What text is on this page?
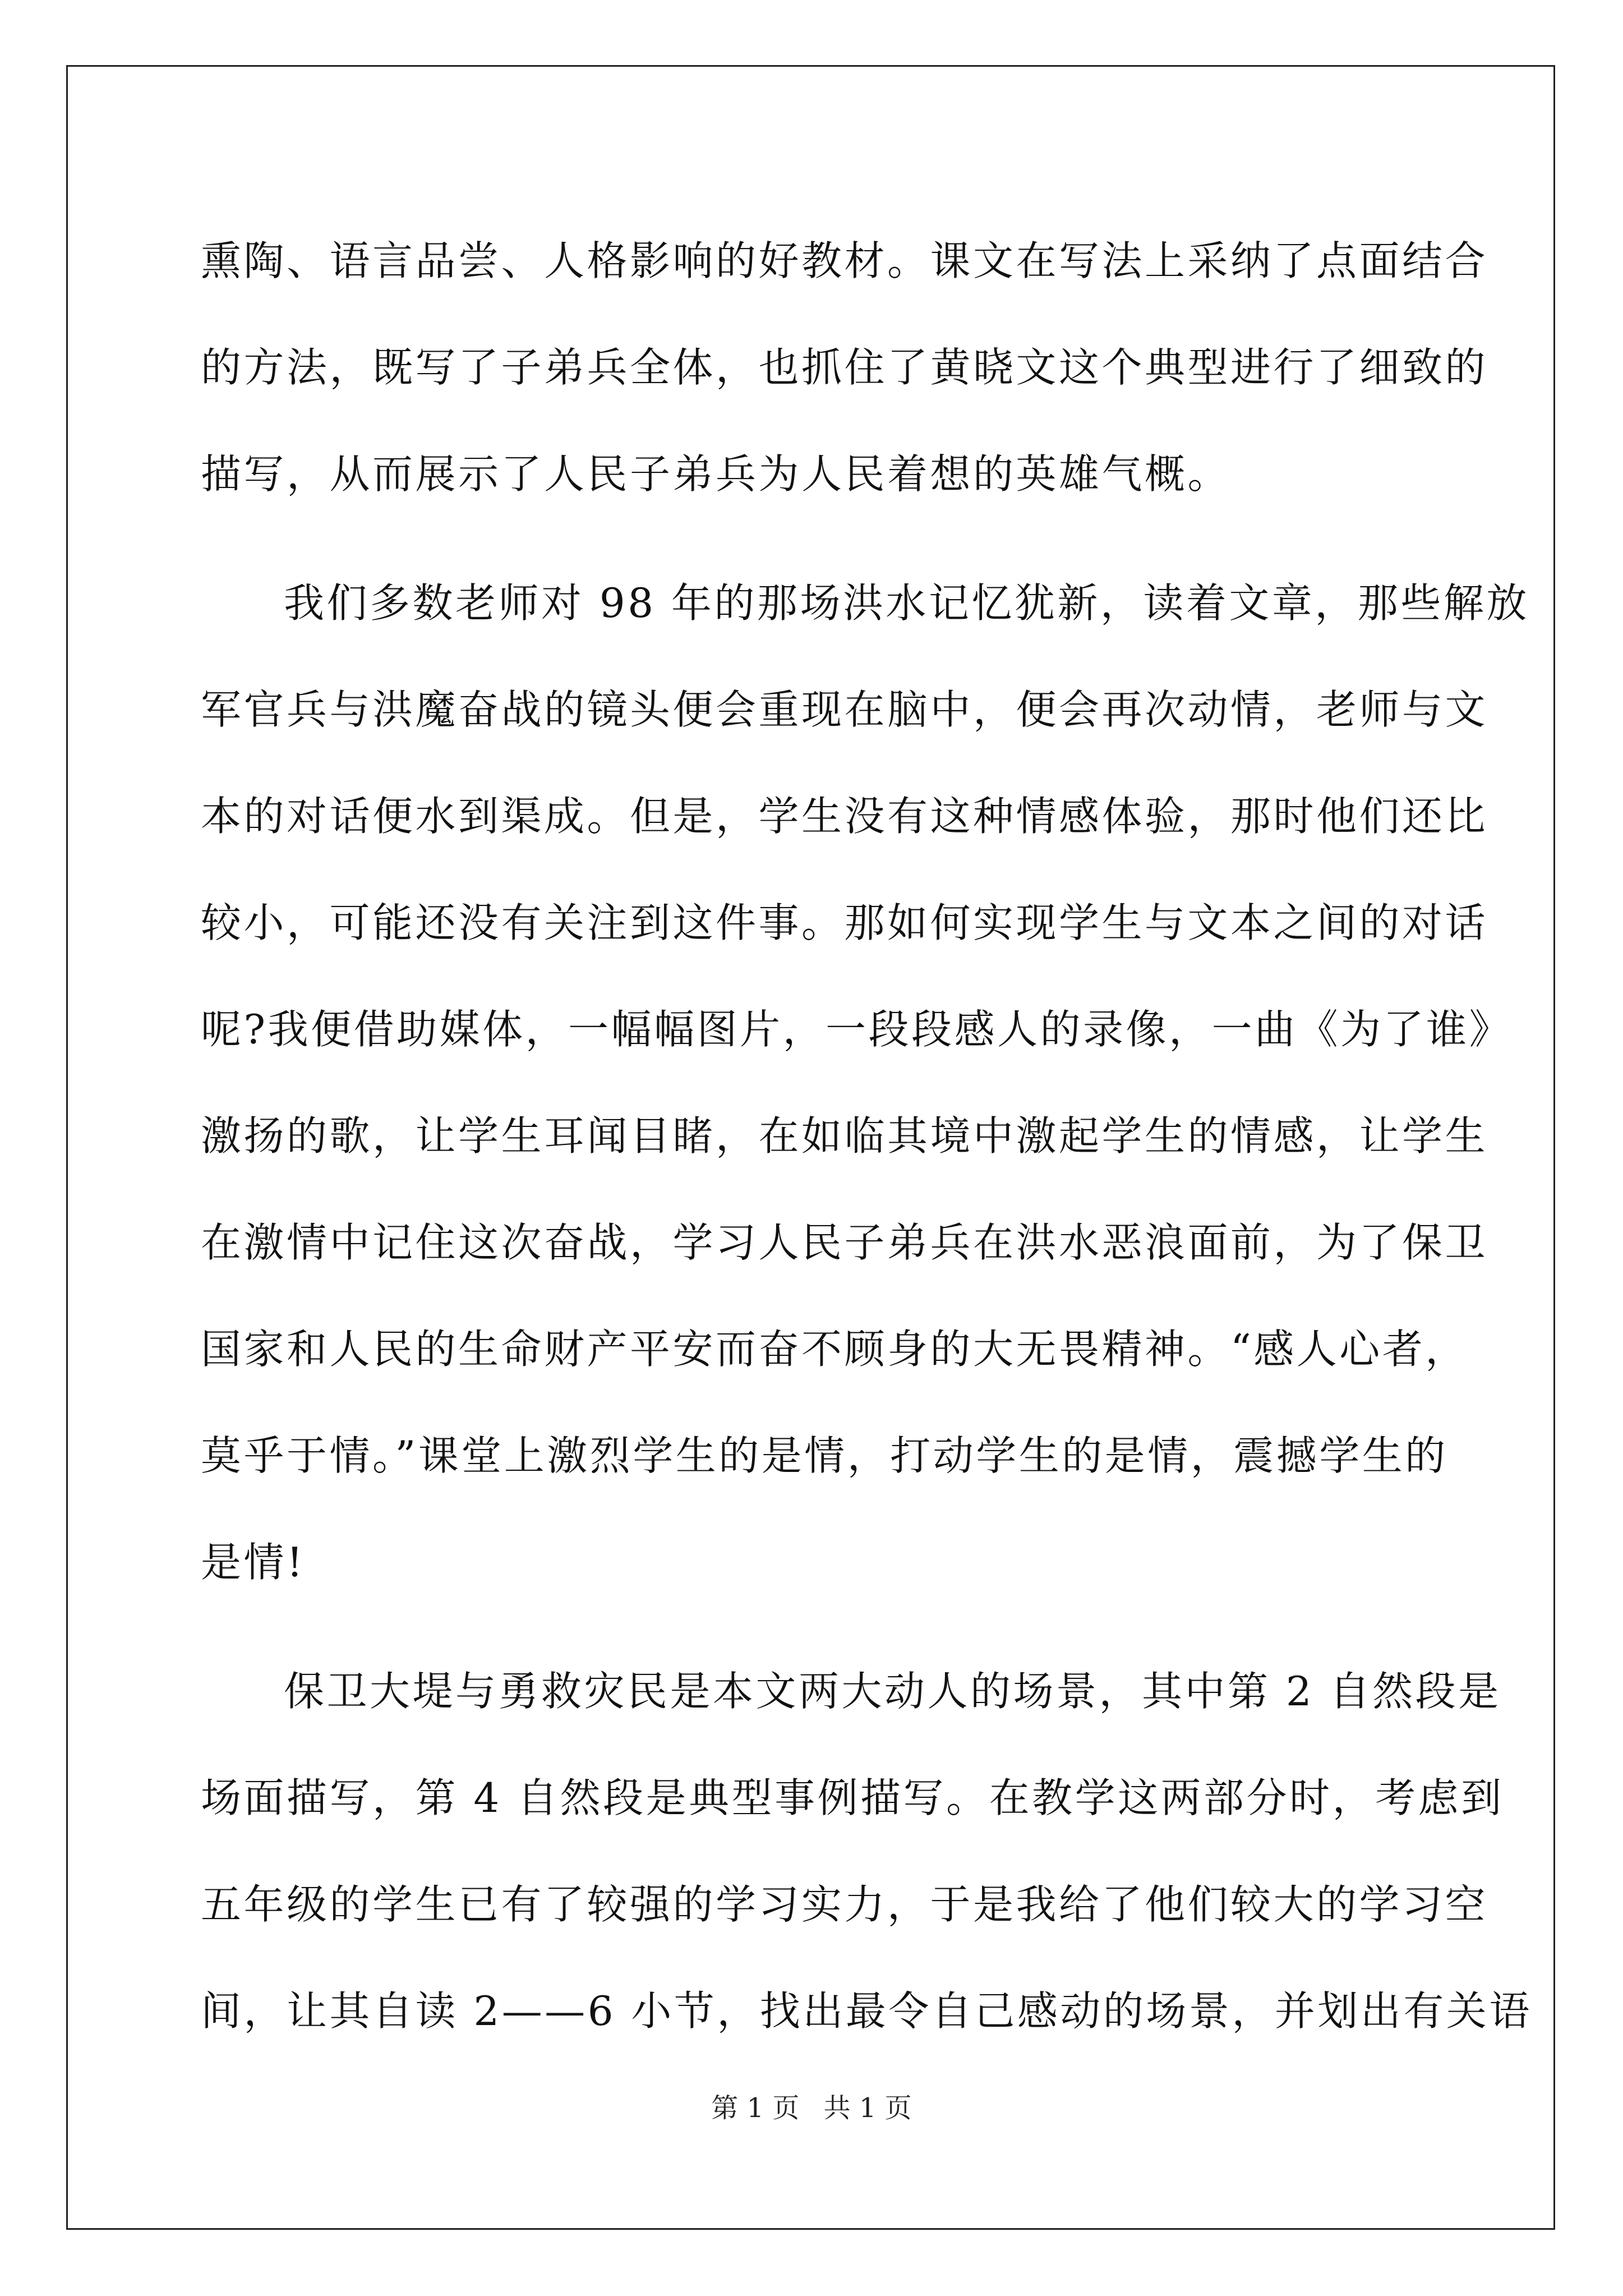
熏陶、语言品尝、人格影响的好教材。课文在写法上采纳了点面结合
的方法，既写了子弟兵全体，也抓住了黄晓文这个典型进行了细致的
描写，从而展示了人民子弟兵为人民着想的英雄气概。
我们多数老师对 98 年的那场洪水记忆犹新，读着文章，那些解放
军官兵与洪魔奋战的镜头便会重现在脑中，便会再次动情，老师与文
本的对话便水到渠成。但是，学生没有这种情感体验，那时他们还比
较小，可能还没有关注到这件事。那如何实现学生与文本之间的对话
呢?我便借助媒体，一幅幅图片，一段段感人的录像，一曲《为了谁》
激扬的歌，让学生耳闻目睹，在如临其境中激起学生的情感，让学生
在激情中记住这次奋战，学习人民子弟兵在洪水恶浪面前，为了保卫
国家和人民的生命财产平安而奋不顾身的大无畏精神。“感人心者，
莫乎于情。”课堂上激烈学生的是情，打动学生的是情，震撼学生的
是情!
保卫大堤与勇救灾民是本文两大动人的场景，其中第 2 自然段是
场面描写，第 4 自然段是典型事例描写。在教学这两部分时，考虑到
五年级的学生已有了较强的学习实力，于是我给了他们较大的学习空
间，让其自读 2——6 小节，找出最令自己感动的场景，并划出有关语
第 1 页 共 1 页
